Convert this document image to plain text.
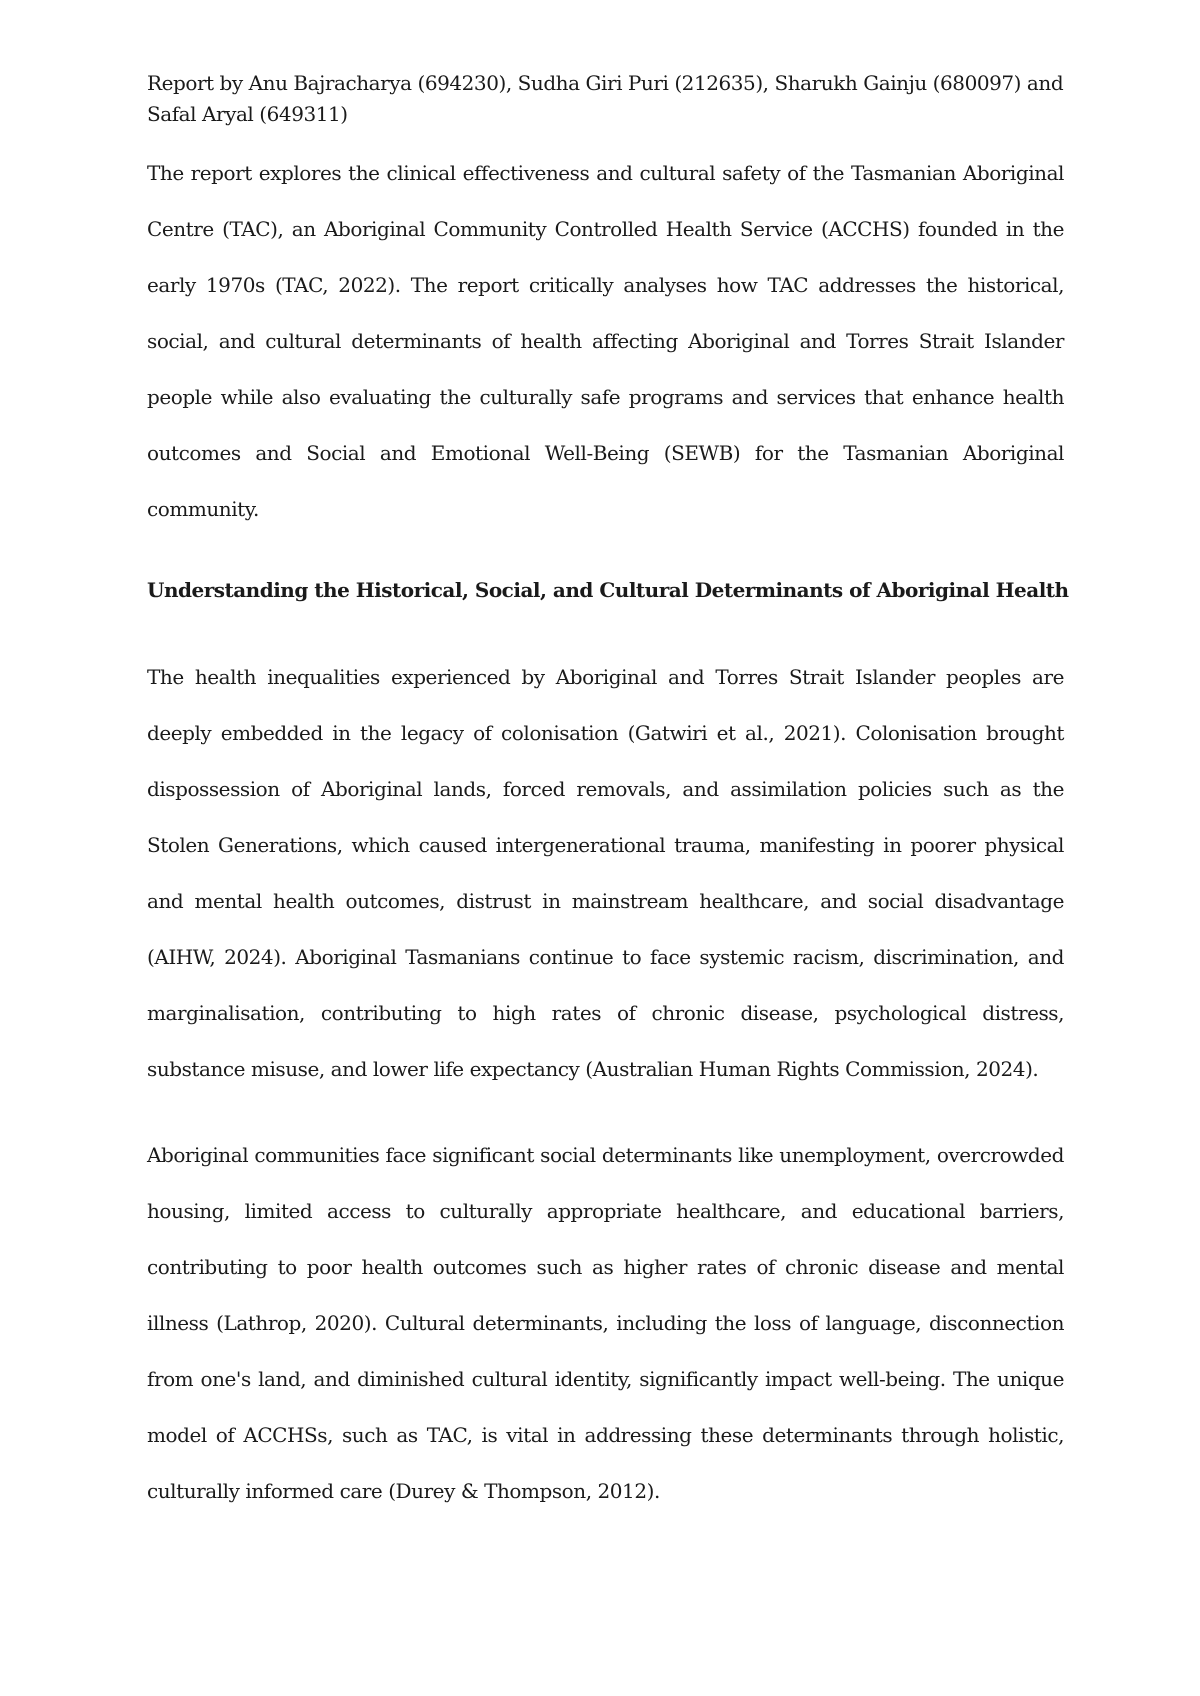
Report by Anu Bajracharya (694230), Sudha Giri Puri (212635), Sharukh Gainju (680097) and Safal Aryal (649311)
The report explores the clinical effectiveness and cultural safety of the Tasmanian Aboriginal Centre (TAC), an Aboriginal Community Controlled Health Service (ACCHS) founded in the early 1970s (TAC, 2022). The report critically analyses how TAC addresses the historical, social, and cultural determinants of health affecting Aboriginal and Torres Strait Islander people while also evaluating the culturally safe programs and services that enhance health outcomes and Social and Emotional Well-Being (SEWB) for the Tasmanian Aboriginal community.
Understanding the Historical, Social, and Cultural Determinants of Aboriginal Health
The health inequalities experienced by Aboriginal and Torres Strait Islander peoples are deeply embedded in the legacy of colonisation (Gatwiri et al., 2021). Colonisation brought dispossession of Aboriginal lands, forced removals, and assimilation policies such as the Stolen Generations, which caused intergenerational trauma, manifesting in poorer physical and mental health outcomes, distrust in mainstream healthcare, and social disadvantage (AIHW, 2024). Aboriginal Tasmanians continue to face systemic racism, discrimination, and marginalisation, contributing to high rates of chronic disease, psychological distress, substance misuse, and lower life expectancy (Australian Human Rights Commission, 2024).
Aboriginal communities face significant social determinants like unemployment, overcrowded housing, limited access to culturally appropriate healthcare, and educational barriers, contributing to poor health outcomes such as higher rates of chronic disease and mental illness (Lathrop, 2020). Cultural determinants, including the loss of language, disconnection from one's land, and diminished cultural identity, significantly impact well-being. The unique model of ACCHSs, such as TAC, is vital in addressing these determinants through holistic, culturally informed care (Durey & Thompson, 2012).
